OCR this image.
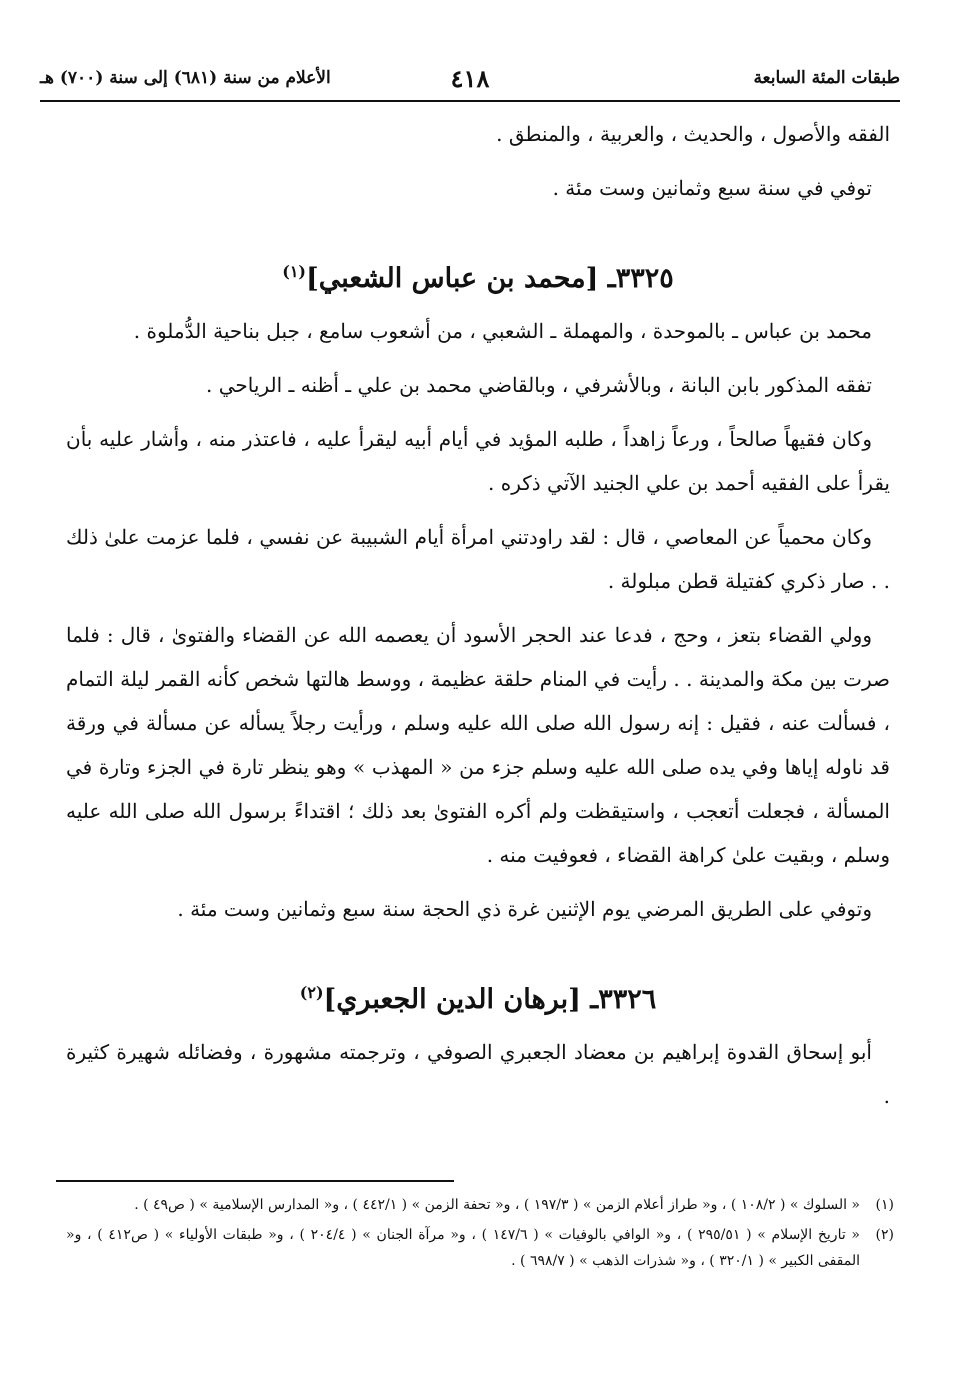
طبقات المئة السابعة
٤١٨
الأعلام من سنة (٦٨١) إلى سنة (٧٠٠) هـ

الفقه والأصول ، والحديث ، والعربية ، والمنطق .

توفي في سنة سبع وثمانين وست مئة .

٣٣٢٥ـ [محمد بن عباس الشعبي]$^{(١)}$

محمد بن عباس ـ بالموحدة ، والمهملة ـ الشعبي ، من أشعوب سامع ، جبل بناحية الدُّملوة .

تفقه المذكور بابن البانة ، وبالأشرفي ، وبالقاضي محمد بن علي ـ أظنه ـ الرياحي .

وكان فقيهاً صالحاً ، ورعاً زاهداً ، طلبه المؤيد في أيام أبيه ليقرأ عليه ، فاعتذر منه ، وأشار عليه بأن يقرأ على الفقيه أحمد بن علي الجنيد الآتي ذكره .

وكان محمياً عن المعاصي ، قال : لقد راودتني امرأة أيام الشبيبة عن نفسي ، فلما عزمت علىٰ ذلك . . صار ذكري كفتيلة قطن مبلولة .

وولي القضاء بتعز ، وحج ، فدعا عند الحجر الأسود أن يعصمه الله عن القضاء والفتوىٰ ، قال : فلما صرت بين مكة والمدينة . . رأيت في المنام حلقة عظيمة ، ووسط هالتها شخص كأنه القمر ليلة التمام ، فسألت عنه ، فقيل : إنه رسول الله صلى الله عليه وسلم ، ورأيت رجلاً يسأله عن مسألة في ورقة قد ناوله إياها وفي يده صلى الله عليه وسلم جزء من « المهذب » وهو ينظر تارة في الجزء وتارة في المسألة ، فجعلت أتعجب ، واستيقظت ولم أكره الفتوىٰ بعد ذلك ؛ اقتداءً برسول الله صلى الله عليه وسلم ، وبقيت علىٰ كراهة القضاء ، فعوفيت منه .

وتوفي على الطريق المرضي يوم الإثنين غرة ذي الحجة سنة سبع وثمانين وست مئة .

٣٣٢٦ـ [برهان الدين الجعبري]$^{(٢)}$

أبو إسحاق القدوة إبراهيم بن معضاد الجعبري الصوفي ، وترجمته مشهورة ، وفضائله شهيرة كثيرة .

(١)
« السلوك » ( ١٠٨/٢ ) ، و« طراز أعلام الزمن » ( ١٩٧/٣ ) ، و« تحفة الزمن » ( ٤٤٢/١ ) ، و« المدارس الإسلامية » ( ص٤٩ ) .
(٢)
« تاريخ الإسلام » ( ٢٩٥/٥١ ) ، و« الوافي بالوفيات » ( ١٤٧/٦ ) ، و« مرآة الجنان » ( ٢٠٤/٤ ) ، و« طبقات الأولياء » ( ص٤١٢ ) ، و« المقفى الكبير » ( ٣٢٠/١ ) ، و« شذرات الذهب » ( ٦٩٨/٧ ) .
